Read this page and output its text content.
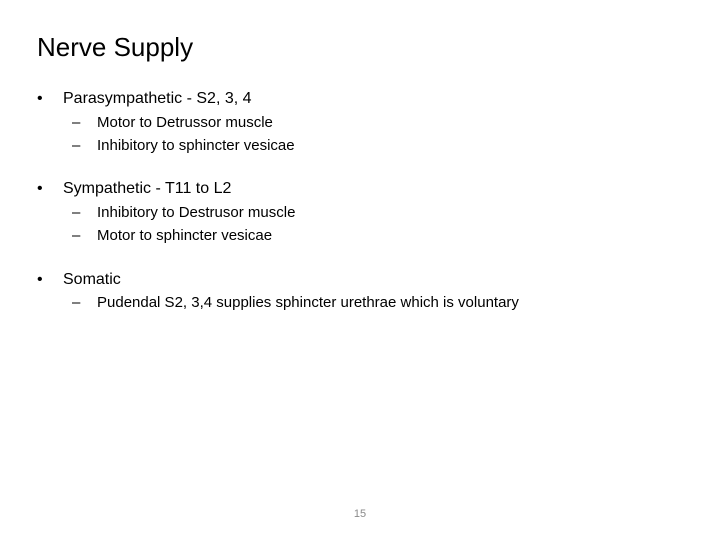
Nerve Supply
• Parasympathetic - S2, 3, 4
– Motor to Detrussor muscle
– Inhibitory to sphincter vesicae
• Sympathetic - T11 to L2
– Inhibitory to Destrusor muscle
– Motor to sphincter vesicae
• Somatic
– Pudendal S2, 3,4 supplies sphincter urethrae which is voluntary
15
